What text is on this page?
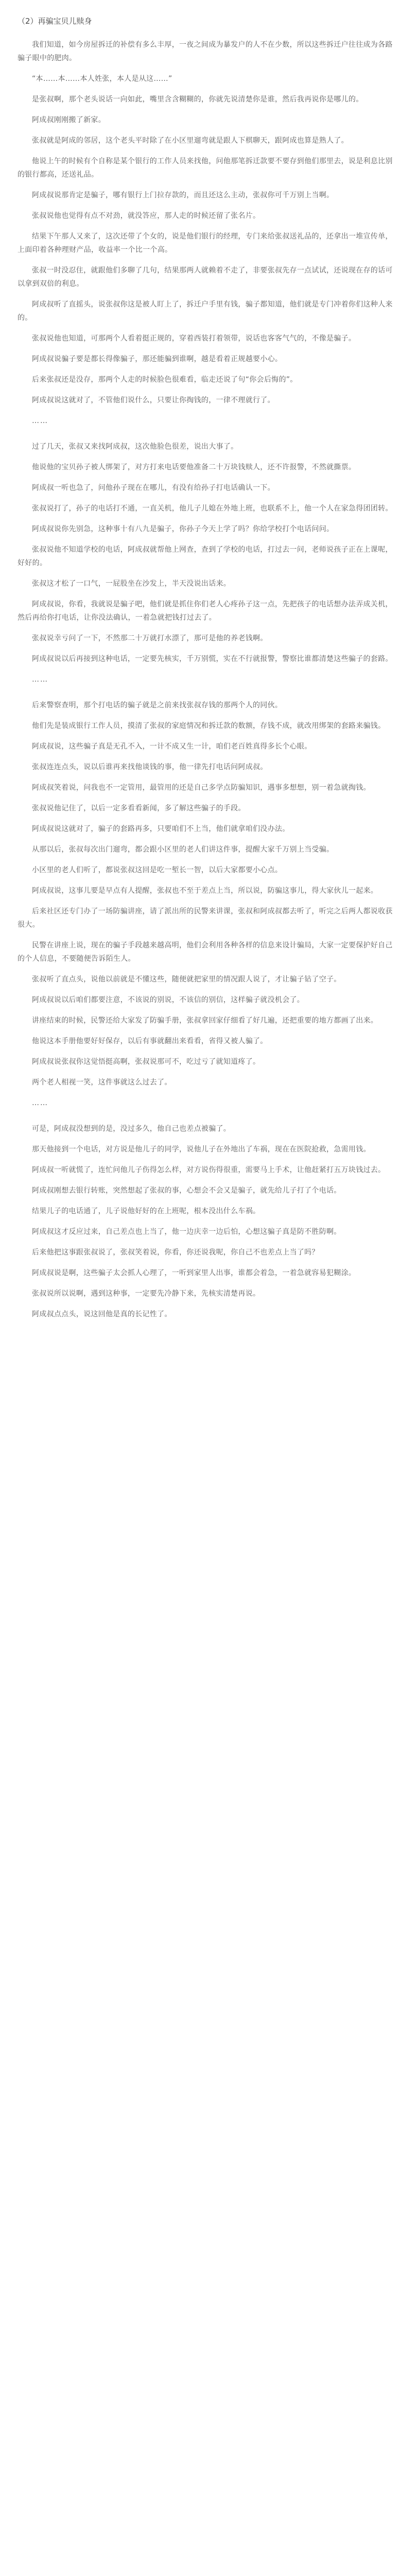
（2）再骗宝贝儿赎身

我们知道，如今房屋拆迁的补偿有多么丰厚，一夜之间成为暴发户的人不在少数，所以这些拆迁户往往成为各路骗子眼中的肥肉。

“本……本……本人姓张，本人是从这……”

是张叔啊，那个老头说话一向如此，嘴里含含糊糊的，你就先说清楚你是谁，然后我再说你是哪儿的。

阿成叔刚刚搬了新家。

张叔就是阿成的邻居，这个老头平时除了在小区里遛弯就是跟人下棋聊天，跟阿成也算是熟人了。

他说上午的时候有个自称是某个银行的工作人员来找他，问他那笔拆迁款要不要存到他们那里去，说是利息比别的银行都高，还送礼品。

阿成叔说那肯定是骗子，哪有银行上门拉存款的，而且还这么主动，张叔你可千万别上当啊。

张叔说他也觉得有点不对劲，就没答应，那人走的时候还留了张名片。

结果下午那人又来了，这次还带了个女的，说是他们银行的经理，专门来给张叔送礼品的，还拿出一堆宣传单，上面印着各种理财产品，收益率一个比一个高。

张叔一时没忍住，就跟他们多聊了几句，结果那两人就赖着不走了，非要张叔先存一点试试，还说现在存的话可以拿到双倍的利息。

阿成叔听了直摇头，说张叔你这是被人盯上了，拆迁户手里有钱，骗子都知道，他们就是专门冲着你们这种人来的。

张叔说他也知道，可那两个人看着挺正规的，穿着西装打着领带，说话也客客气气的，不像是骗子。

阿成叔说骗子要是都长得像骗子，那还能骗到谁啊，越是看着正规越要小心。

后来张叔还是没存，那两个人走的时候脸色很难看，临走还说了句“你会后悔的”。

阿成叔说这就对了，不管他们说什么，只要让你掏钱的，一律不理就行了。

……

过了几天，张叔又来找阿成叔，这次他脸色很差，说出大事了。

他说他的宝贝孙子被人绑架了，对方打来电话要他准备二十万块钱赎人，还不许报警，不然就撕票。

阿成叔一听也急了，问他孙子现在在哪儿，有没有给孙子打电话确认一下。

张叔说打了，孙子的电话打不通，一直关机，他儿子儿媳在外地上班，也联系不上，他一个人在家急得团团转。

阿成叔说你先别急，这种事十有八九是骗子，你孙子今天上学了吗？你给学校打个电话问问。

张叔说他不知道学校的电话，阿成叔就帮他上网查，查到了学校的电话，打过去一问，老师说孩子正在上课呢，好好的。

张叔这才松了一口气，一屁股坐在沙发上，半天没说出话来。

阿成叔说，你看，我就说是骗子吧，他们就是抓住你们老人心疼孙子这一点，先把孩子的电话想办法弄成关机，然后再给你打电话，让你没法确认，一着急就把钱打过去了。

张叔说幸亏问了一下，不然那二十万就打水漂了，那可是他的养老钱啊。

阿成叔说以后再接到这种电话，一定要先核实，千万别慌，实在不行就报警，警察比谁都清楚这些骗子的套路。

……

后来警察查明，那个打电话的骗子就是之前来找张叔存钱的那两个人的同伙。

他们先是装成银行工作人员，摸清了张叔的家庭情况和拆迁款的数额，存钱不成，就改用绑架的套路来骗钱。

阿成叔说，这些骗子真是无孔不入，一计不成又生一计，咱们老百姓真得多长个心眼。

张叔连连点头，说以后谁再来找他谈钱的事，他一律先打电话问阿成叔。

阿成叔笑着说，问我也不一定管用，最管用的还是自己多学点防骗知识，遇事多想想，别一着急就掏钱。

张叔说他记住了，以后一定多看看新闻，多了解这些骗子的手段。

阿成叔说这就对了，骗子的套路再多，只要咱们不上当，他们就拿咱们没办法。

从那以后，张叔每次出门遛弯，都会跟小区里的老人们讲这件事，提醒大家千万别上当受骗。

小区里的老人们听了，都说张叔这回是吃一堑长一智，以后大家都要小心点。

阿成叔说，这事儿要是早点有人提醒，张叔也不至于差点上当，所以说，防骗这事儿，得大家伙儿一起来。

后来社区还专门办了一场防骗讲座，请了派出所的民警来讲课，张叔和阿成叔都去听了，听完之后两人都说收获很大。

民警在讲座上说，现在的骗子手段越来越高明，他们会利用各种各样的信息来设计骗局，大家一定要保护好自己的个人信息，不要随便告诉陌生人。

张叔听了直点头，说他以前就是不懂这些，随便就把家里的情况跟人说了，才让骗子钻了空子。

阿成叔说以后咱们都要注意，不该说的别说，不该信的别信，这样骗子就没机会了。

讲座结束的时候，民警还给大家发了防骗手册，张叔拿回家仔细看了好几遍，还把重要的地方都画了出来。

他说这本手册他要好好保存，以后有事就翻出来看看，省得又被人骗了。

阿成叔说张叔你这觉悟挺高啊，张叔说那可不，吃过亏了就知道疼了。

两个老人相视一笑，这件事就这么过去了。

……

可是，阿成叔没想到的是，没过多久，他自己也差点被骗了。

那天他接到一个电话，对方说是他儿子的同学，说他儿子在外地出了车祸，现在在医院抢救，急需用钱。

阿成叔一听就慌了，连忙问他儿子伤得怎么样，对方说伤得很重，需要马上手术，让他赶紧打五万块钱过去。

阿成叔刚想去银行转账，突然想起了张叔的事，心想会不会又是骗子，就先给儿子打了个电话。

结果儿子的电话通了，儿子说他好好的在上班呢，根本没出什么车祸。

阿成叔这才反应过来，自己差点也上当了，他一边庆幸一边后怕，心想这骗子真是防不胜防啊。

后来他把这事跟张叔说了，张叔笑着说，你看，你还说我呢，你自己不也差点上当了吗？

阿成叔说是啊，这些骗子太会抓人心理了，一听到家里人出事，谁都会着急，一着急就容易犯糊涂。

张叔说所以说啊，遇到这种事，一定要先冷静下来，先核实清楚再说。

阿成叔点点头，说这回他是真的长记性了。
